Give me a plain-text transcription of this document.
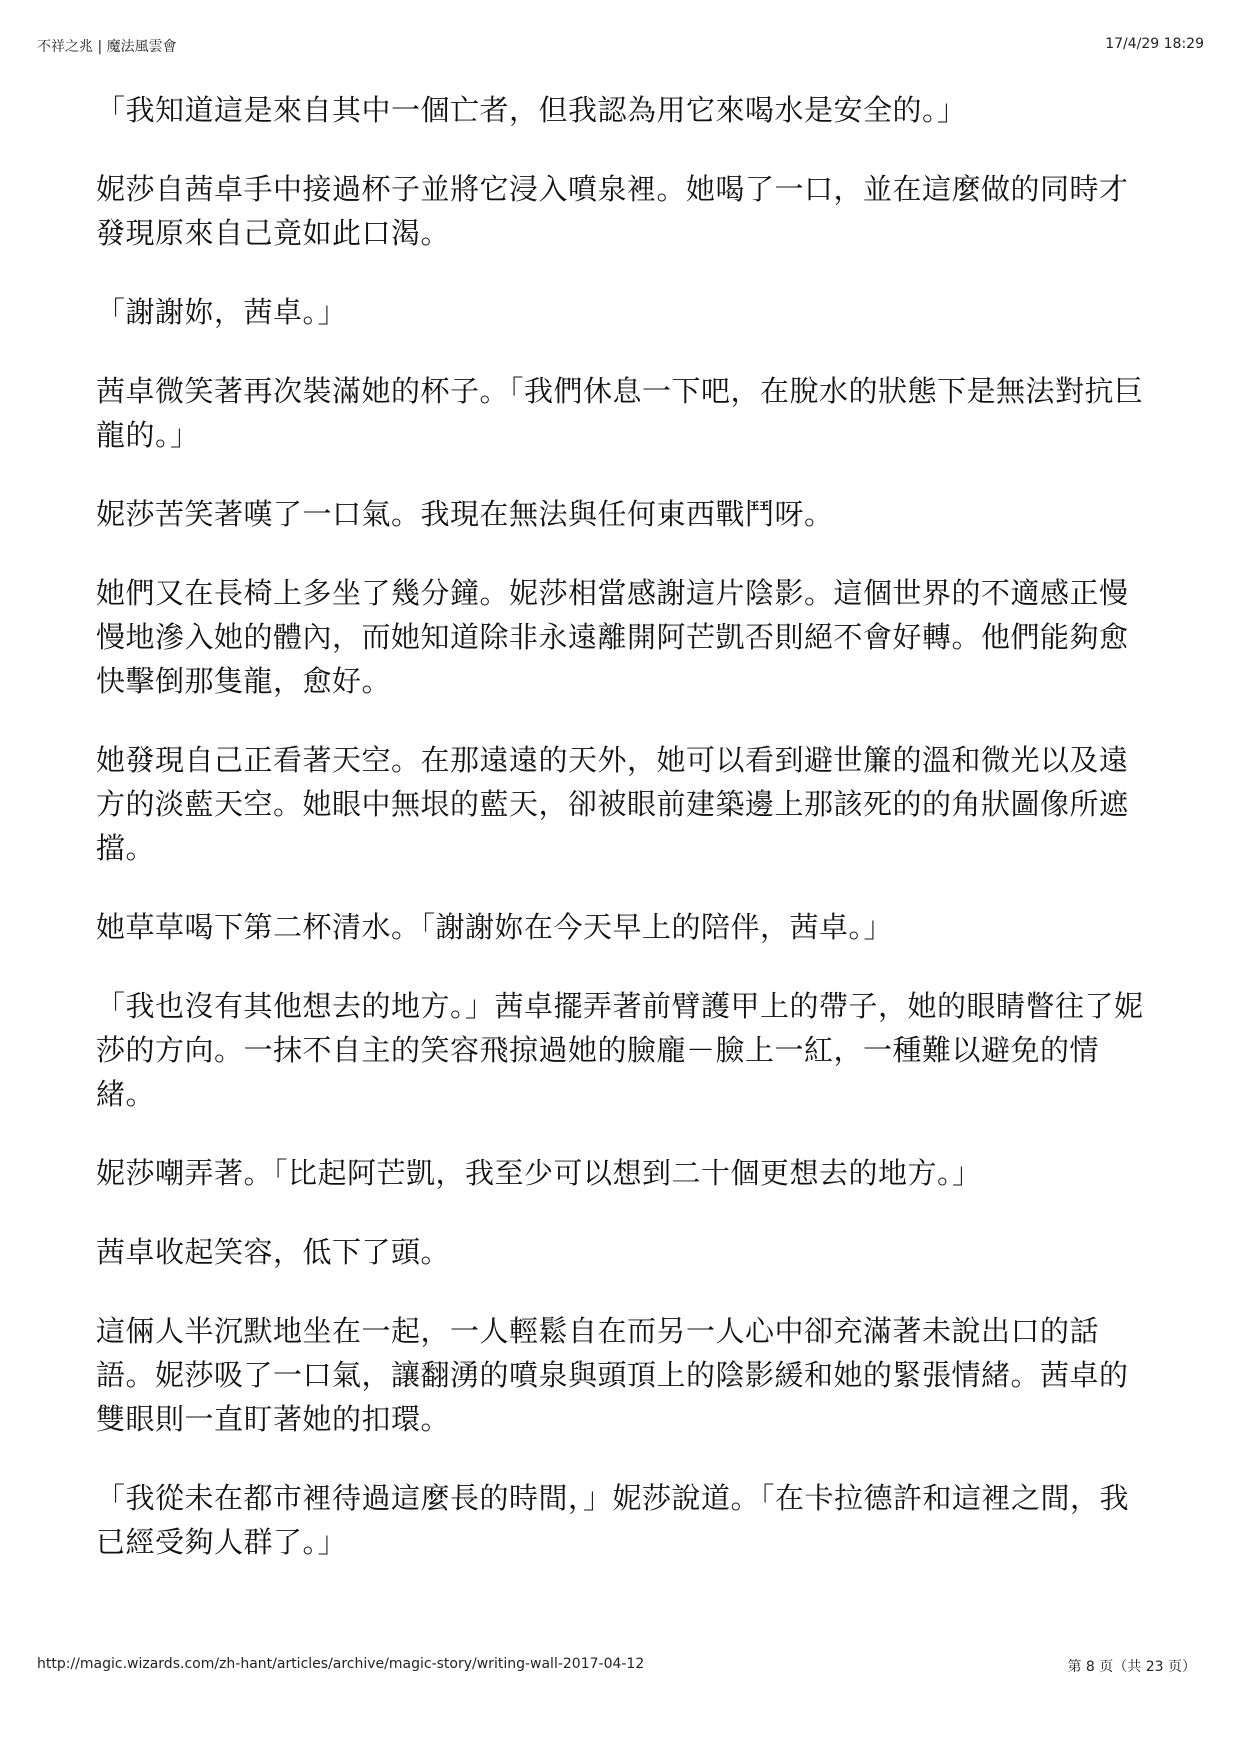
不祥之兆 | 魔法風雲會	17/4/29 18:29

「我知道這是來自其中一個亡者，但我認為用它來喝水是安全的。」

妮莎自茜卓手中接過杯子並將它浸入噴泉裡。她喝了一口，並在這麼做的同時才發現原來自己竟如此口渴。

「謝謝妳，茜卓。」

茜卓微笑著再次裝滿她的杯子。「我們休息一下吧，在脫水的狀態下是無法對抗巨龍的。」

妮莎苦笑著嘆了一口氣。我現在無法與任何東西戰鬥呀。

她們又在長椅上多坐了幾分鐘。妮莎相當感謝這片陰影。這個世界的不適感正慢慢地滲入她的體內，而她知道除非永遠離開阿芒凱否則絕不會好轉。他們能夠愈快擊倒那隻龍，愈好。

她發現自己正看著天空。在那遠遠的天外，她可以看到避世簾的溫和微光以及遠方的淡藍天空。她眼中無垠的藍天，卻被眼前建築邊上那該死的的角狀圖像所遮擋。

她草草喝下第二杯清水。「謝謝妳在今天早上的陪伴，茜卓。」

「我也沒有其他想去的地方。」茜卓擺弄著前臂護甲上的帶子，她的眼睛瞥往了妮莎的方向。一抹不自主的笑容飛掠過她的臉龐－臉上一紅，一種難以避免的情緒。

妮莎嘲弄著。「比起阿芒凱，我至少可以想到二十個更想去的地方。」

茜卓收起笑容，低下了頭。

這倆人半沉默地坐在一起，一人輕鬆自在而另一人心中卻充滿著未說出口的話語。妮莎吸了一口氣，讓翻湧的噴泉與頭頂上的陰影緩和她的緊張情緒。茜卓的雙眼則一直盯著她的扣環。

「我從未在都市裡待過這麼長的時間，」妮莎說道。「在卡拉德許和這裡之間，我已經受夠人群了。」

http://magic.wizards.com/zh-hant/articles/archive/magic-story/writing-wall-2017-04-12	第 8 页（共 23 页）
